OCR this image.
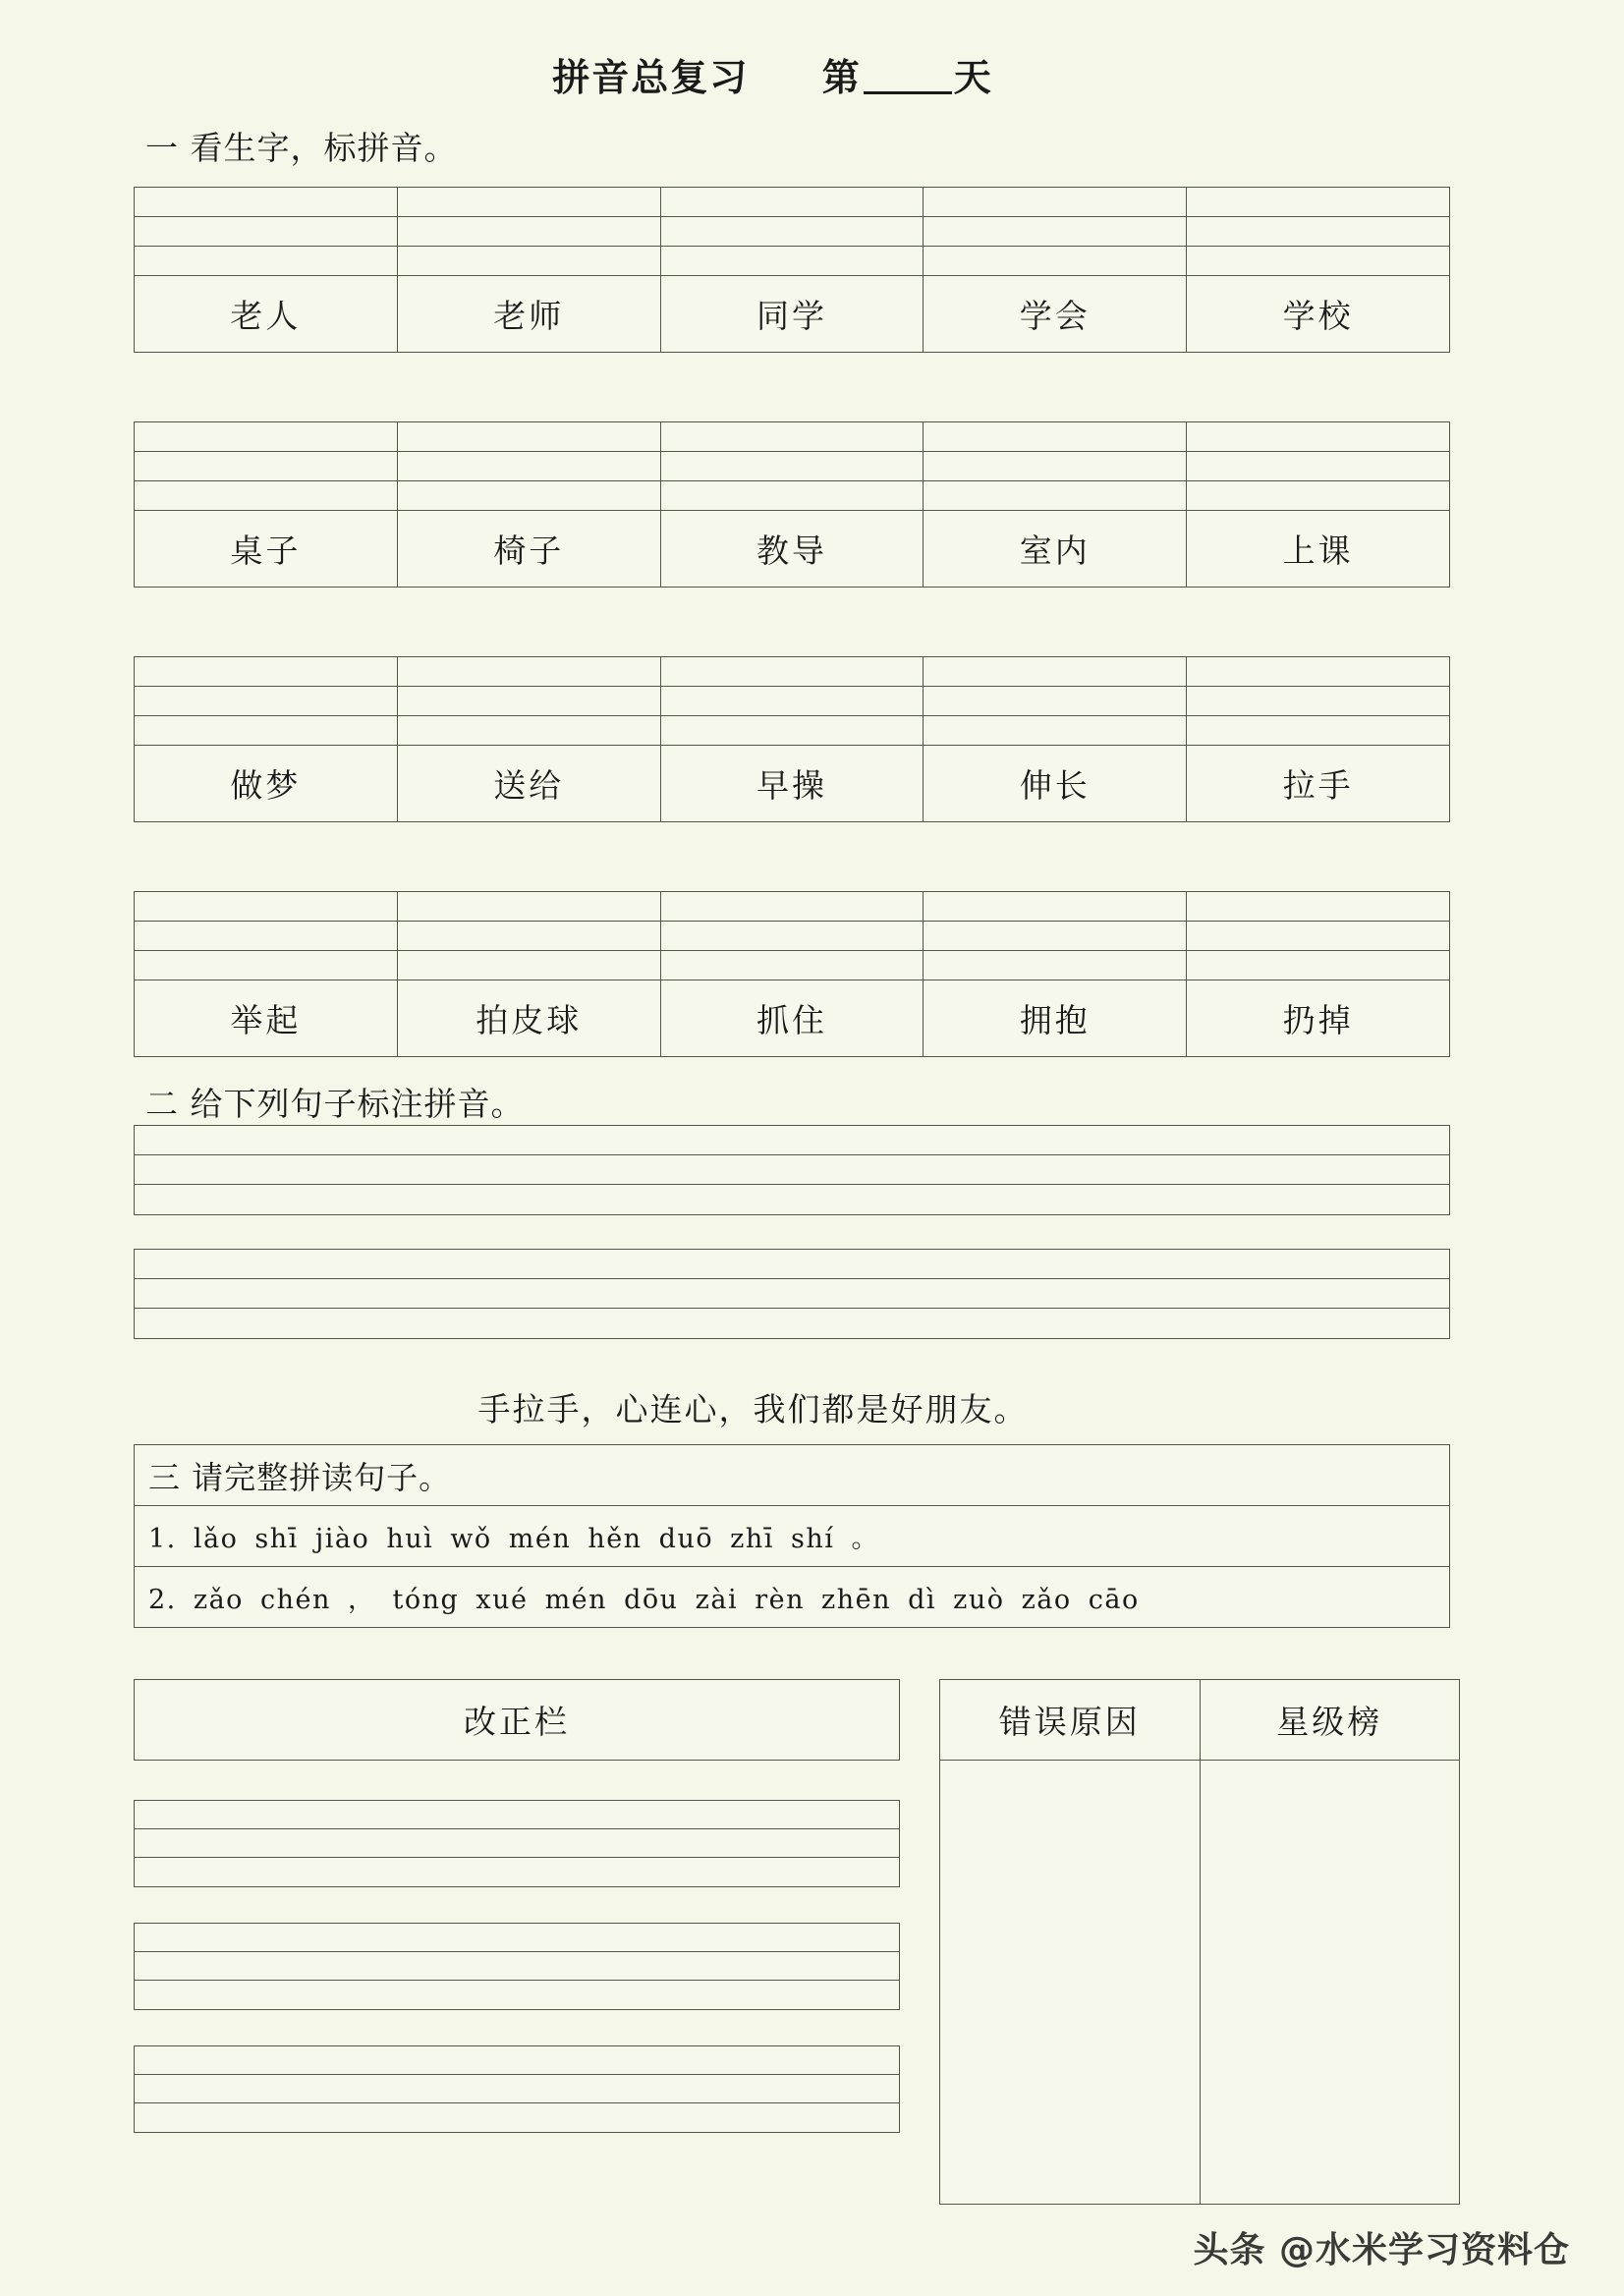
拼音总复习 第 天
一 看生字，标拼音。

老人	老师	同学	学会	学校

桌子	椅子	教导	室内	上课

做梦	送给	早操	伸长	拉手

举起	拍皮球	抓住	拥抱	扔掉
二 给下列句子标注拼音。
手拉手，心连心，我们都是好朋友。
三 请完整拼读句子。
1. lǎo shī jiào huì wǒ mén hěn duō zhī shí 。
2. zǎo chén ， tóng xué mén dōu zài rèn zhēn dì zuò zǎo cāo
改正栏	错误原因	星级榜

头条 @水米学习资料仓
